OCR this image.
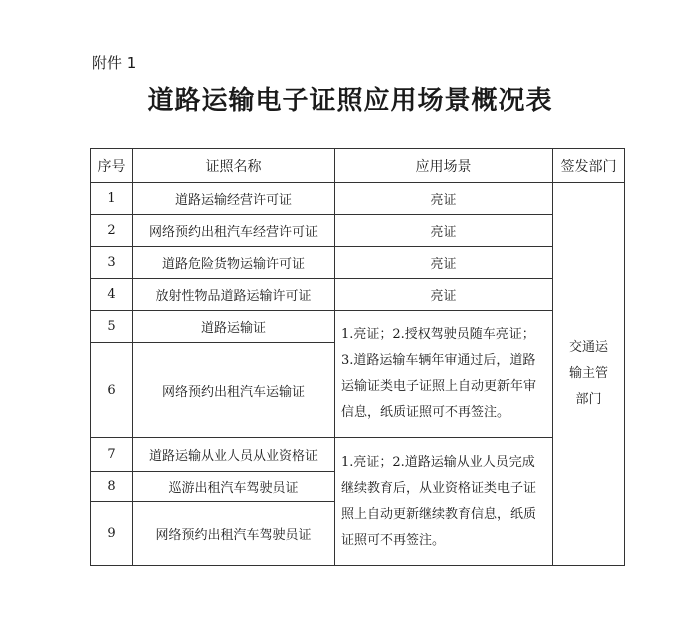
附件 1
道路运输电子证照应用场景概况表
序号	证照名称	应用场景	签发部门
1	道路运输经营许可证	亮证	交通运输主管部门
2	网络预约出租汽车经营许可证	亮证	
3	道路危险货物运输许可证	亮证	
4	放射性物品道路运输许可证	亮证	
5	道路运输证	1.亮证；2.授权驾驶员随车亮证；3.道路运输车辆年审通过后，道路运输证类电子证照上自动更新年审信息，纸质证照可不再签注。	
6	网络预约出租汽车运输证		
7	道路运输从业人员从业资格证	1.亮证；2.道路运输从业人员完成继续教育后，从业资格证类电子证照上自动更新继续教育信息，纸质证照可不再签注。	
8	巡游出租汽车驾驶员证		
9	网络预约出租汽车驾驶员证		
